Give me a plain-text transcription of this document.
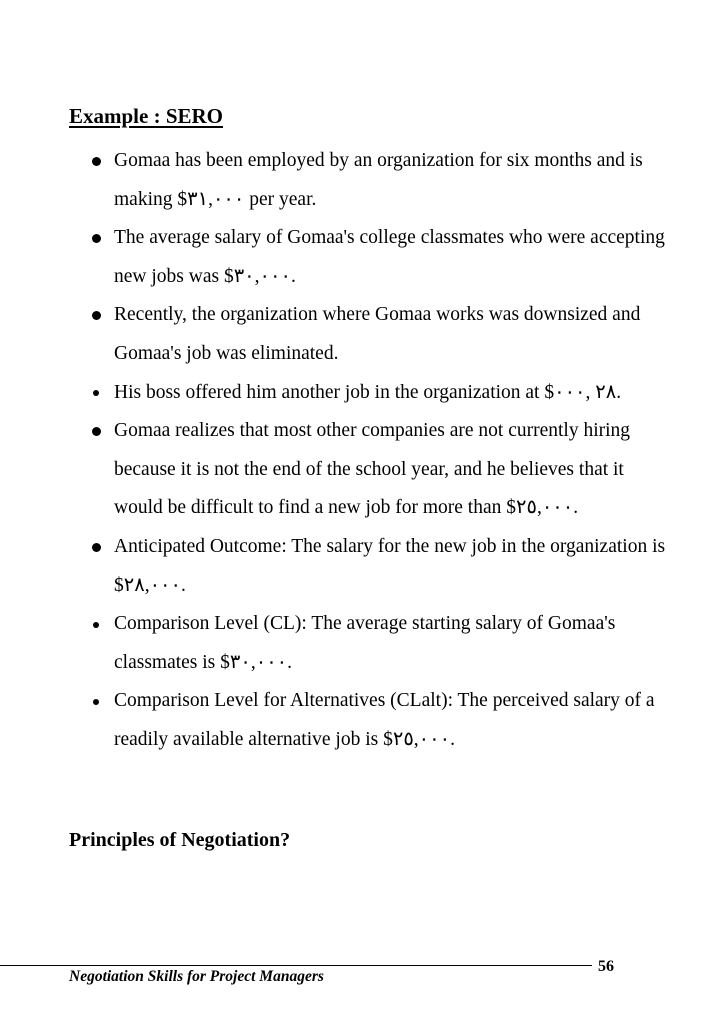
Example : SERO
Gomaa has been employed by an organization for six months and is making $٣١,٠٠٠ per year.
The average salary of Gomaa's college classmates who were accepting new jobs was $٣٠,٠٠٠.
Recently, the organization where Gomaa works was downsized and Gomaa's job was eliminated.
His boss offered him another job in the organization at $٢٨ ,٠٠٠.
Gomaa realizes that most other companies are not currently hiring because it is not the end of the school year, and he believes that it would be difficult to find a new job for more than $٢٥,٠٠٠.
Anticipated Outcome: The salary for the new job in the organization is $٢٨,٠٠٠.
Comparison Level (CL): The average starting salary of Gomaa's classmates is $٣٠,٠٠٠.
Comparison Level for Alternatives (CLalt): The perceived salary of a readily available alternative job is $٢٥,٠٠٠.
Principles of Negotiation?
Negotiation Skills for Project Managers
56
